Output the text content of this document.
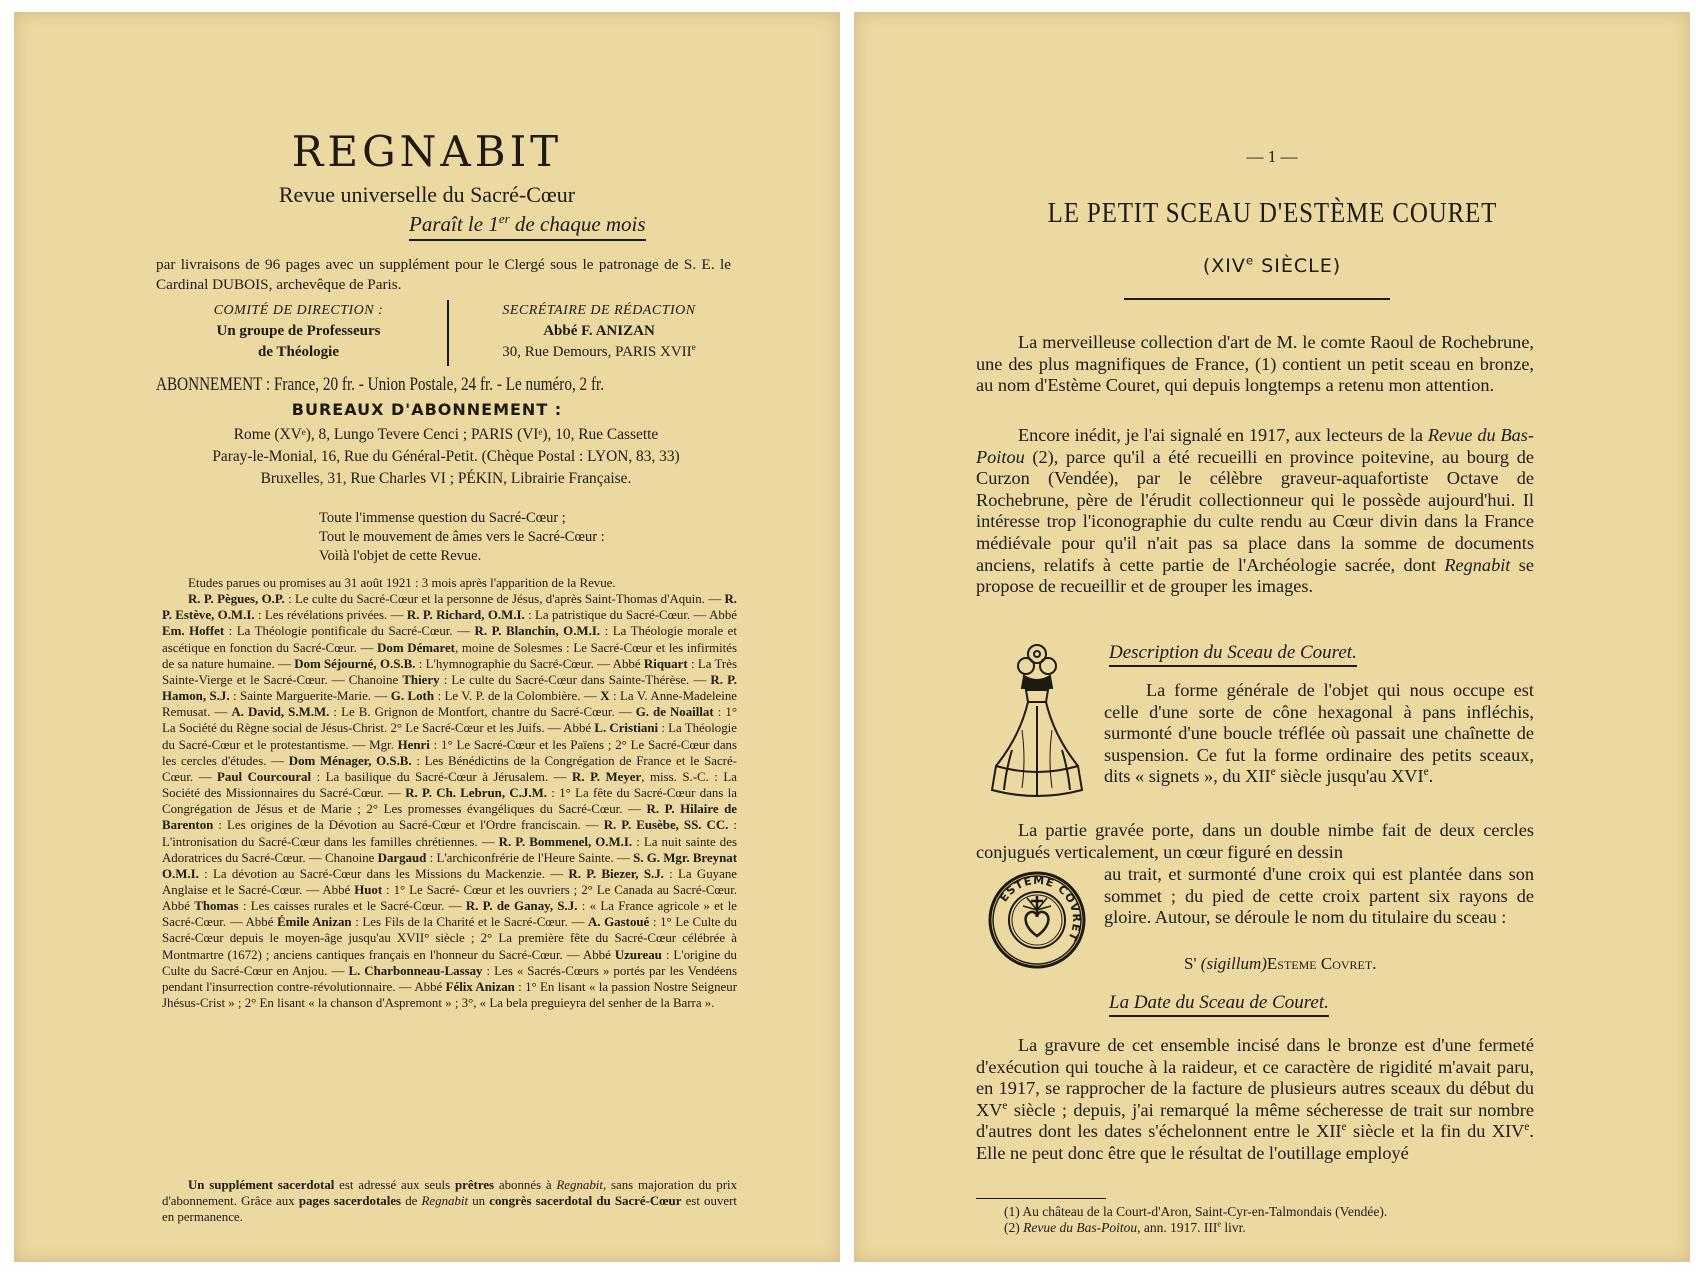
REGNABIT
Revue universelle du Sacré-Cœur
Paraît le 1er de chaque mois
par livraisons de 96 pages avec un supplément pour le Clergé sous le patronage de S. E. le Cardinal DUBOIS, archevêque de Paris.
COMITÉ DE DIRECTION :
Un groupe de Professeurs
de Théologie
SECRÉTAIRE DE RÉDACTION
Abbé F. ANIZAN
30, Rue Demours, PARIS XVIIe
ABONNEMENT : France, 20 fr. - Union Postale, 24 fr. - Le numéro, 2 fr.
BUREAUX D'ABONNEMENT :
Rome (XVᵉ), 8, Lungo Tevere Cenci ; PARIS (VIᵉ), 10, Rue Cassette
Paray-le-Monial, 16, Rue du Général-Petit. (Chèque Postal : LYON, 83, 33)
Bruxelles, 31, Rue Charles VI ; PÉKIN, Librairie Française.
Toute l'immense question du Sacré-Cœur ;
Tout le mouvement de âmes vers le Sacré-Cœur :
Voilà l'objet de cette Revue.
Etudes parues ou promises au 31 août 1921 : 3 mois après l'apparition de la Revue.
R. P. Pègues, O.P. : Le culte du Sacré-Cœur et la personne de Jésus, d'après Saint-Thomas d'Aquin. — R. P. Estève, O.M.I. : Les révélations privées. — R. P. Richard, O.M.I. : La patristique du Sacré-Cœur. — Abbé Em. Hoffet : La Théologie pontificale du Sacré-Cœur. — R. P. Blanchin, O.M.I. : La Théologie morale et ascétique en fonction du Sacré-Cœur. — Dom Démaret, moine de Solesmes : Le Sacré-Cœur et les infirmités de sa nature humaine. — Dom Séjourné, O.S.B. : L'hymnographie du Sacré-Cœur. — Abbé Riquart : La Très Sainte-Vierge et le Sacré-Cœur. — Chanoine Thiery : Le culte du Sacré-Cœur dans Sainte-Thérèse. — R. P. Hamon, S.J. : Sainte Marguerite-Marie. — G. Loth : Le V. P. de la Colombière. — X : La V. Anne-Madeleine Remusat. — A. David, S.M.M. : Le B. Grignon de Montfort, chantre du Sacré-Cœur. — G. de Noaillat : 1° La Société du Règne social de Jésus-Christ. 2° Le Sacré-Cœur et les Juifs. — Abbé L. Cristiani : La Théologie du Sacré-Cœur et le protestantisme. — Mgr. Henri : 1° Le Sacré-Cœur et les Païens ; 2° Le Sacré-Cœur dans les cercles d'études. — Dom Ménager, O.S.B. : Les Bénédictins de la Congrégation de France et le Sacré-Cœur. — Paul Courcoural : La basilique du Sacré-Cœur à Jérusalem. — R. P. Meyer, miss. S.-C. : La Société des Missionnaires du Sacré-Cœur. — R. P. Ch. Lebrun, C.J.M. : 1° La fête du Sacré-Cœur dans la Congrégation de Jésus et de Marie ; 2° Les promesses évangéliques du Sacré-Cœur. — R. P. Hilaire de Barenton : Les origines de la Dévotion au Sacré-Cœur et l'Ordre franciscain. — R. P. Eusèbe, SS. CC. : L'intronisation du Sacré-Cœur dans les familles chrétiennes. — R. P. Bommenel, O.M.I. : La nuit sainte des Adoratrices du Sacré-Cœur. — Chanoine Dargaud : L'archiconfrérie de l'Heure Sainte. — S. G. Mgr. Breynat O.M.I. : La dévotion au Sacré-Cœur dans les Missions du Mackenzie. — R. P. Biezer, S.J. : La Guyane Anglaise et le Sacré-Cœur. — Abbé Huot : 1° Le Sacré- Cœur et les ouvriers ; 2° Le Canada au Sacré-Cœur. Abbé Thomas : Les caisses rurales et le Sacré-Cœur. — R. P. de Ganay, S.J. : « La France agricole » et le Sacré-Cœur. — Abbé Émile Anizan : Les Fils de la Charité et le Sacré-Cœur. — A. Gastoué : 1° Le Culte du Sacré-Cœur depuis le moyen-âge jusqu'au XVII° siècle ; 2° La première fête du Sacré-Cœur célébrée à Montmartre (1672) ; anciens cantiques français en l'honneur du Sacré-Cœur. — Abbé Uzureau : L'origine du Culte du Sacré-Cœur en Anjou. — L. Charbonneau-Lassay : Les « Sacrés-Cœurs » portés par les Vendéens pendant l'insurrection contre-révolutionnaire. — Abbé Félix Anizan : 1° En lisant « la passion Nostre Seigneur Jhésus-Crist » ; 2° En lisant « la chanson d'Aspremont » ; 3°, « La bela preguieyra del senher de la Barra ».
Un supplément sacerdotal est adressé aux seuls prêtres abonnés à Regnabit, sans majoration du prix d'abonnement. Grâce aux pages sacerdotales de Regnabit un congrès sacerdotal du Sacré-Cœur est ouvert en permanence.
— 1 —
LE PETIT SCEAU D'ESTÈME COURET
(XIVe SIÈCLE)
La merveilleuse collection d'art de M. le comte Raoul de Rochebrune, une des plus magnifiques de France, (1) contient un petit sceau en bronze, au nom d'Estème Couret, qui depuis longtemps a retenu mon attention.
Encore inédit, je l'ai signalé en 1917, aux lecteurs de la Revue du Bas-Poitou (2), parce qu'il a été recueilli en province poitevine, au bourg de Curzon (Vendée), par le célèbre graveur-aquafortiste Octave de Rochebrune, père de l'érudit collectionneur qui le possède aujourd'hui. Il intéresse trop l'iconographie du culte rendu au Cœur divin dans la France médiévale pour qu'il n'ait pas sa place dans la somme de documents anciens, relatifs à cette partie de l'Archéologie sacrée, dont Regnabit se propose de recueillir et de grouper les images.
Description du Sceau de Couret.
La forme générale de l'objet qui nous occupe est celle d'une sorte de cône hexagonal à pans infléchis, surmonté d'une boucle tréflée où passait une chaînette de suspension. Ce fut la forme ordinaire des petits sceaux, dits « signets », du XIIe siècle jusqu'au XVIe.
La partie gravée porte, dans un double nimbe fait de deux cercles conjugués verticalement, un cœur figuré en dessin
ESTEME COVRET
au trait, et surmonté d'une croix qui est plantée dans son sommet ; du pied de cette croix partent six rayons de gloire. Autour, se déroule le nom du titulaire du sceau :
S' (sigillum)Esteme Covret.
La Date du Sceau de Couret.
La gravure de cet ensemble incisé dans le bronze est d'une fermeté d'exécution qui touche à la raideur, et ce caractère de rigidité m'avait paru, en 1917, se rapprocher de la facture de plusieurs autres sceaux du début du XVe siècle ; depuis, j'ai remarqué la même sécheresse de trait sur nombre d'autres dont les dates s'échelonnent entre le XIIe siècle et la fin du XIVe. Elle ne peut donc être que le résultat de l'outillage employé
(1) Au château de la Court-d'Aron, Saint-Cyr-en-Talmondais (Vendée).
(2) Revue du Bas-Poitou, ann. 1917. IIIe livr.
